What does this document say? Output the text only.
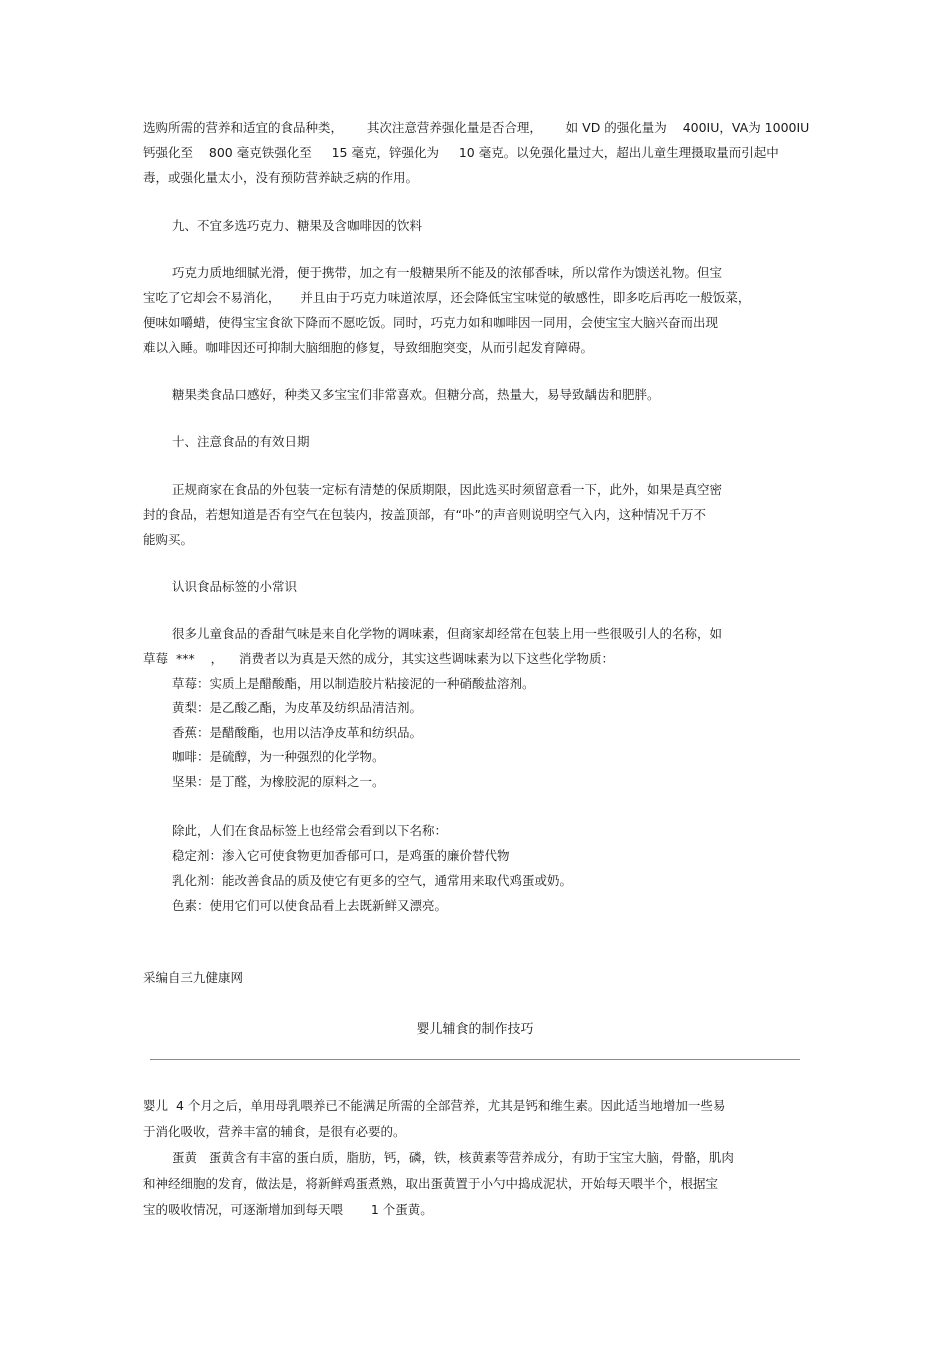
选购所需的营养和适宜的食品种类，      其次注意营养强化量是否合理，      如 VD 的强化量为    400IU，VA为 1000IU
钙强化至    800 毫克铁强化至     15 毫克，锌强化为     10 毫克。以免强化量过大，超出儿童生理摄取量而引起中
毒，或强化量太小，没有预防营养缺乏病的作用。
九、不宜多选巧克力、糖果及含咖啡因的饮料
巧克力质地细腻光滑，便于携带，加之有一般糖果所不能及的浓郁香味，所以常作为馈送礼物。但宝
宝吃了它却会不易消化，     并且由于巧克力味道浓厚，还会降低宝宝味觉的敏感性，即多吃后再吃一般饭菜，
便味如嚼蜡，使得宝宝食欲下降而不愿吃饭。同时，巧克力如和咖啡因一同用，会使宝宝大脑兴奋而出现
难以入睡。咖啡因还可抑制大脑细胞的修复，导致细胞突变，从而引起发育障碍。
糖果类食品口感好，种类又多宝宝们非常喜欢。但糖分高，热量大，易导致龋齿和肥胖。
十、注意食品的有效日期
正规商家在食品的外包装一定标有清楚的保质期限，因此选买时须留意看一下，此外，如果是真空密
封的食品，若想知道是否有空气在包装内，按盖顶部，有“卟”的声音则说明空气入内，这种情况千万不
能购买。
认识食品标签的小常识
很多儿童食品的香甜气味是来自化学物的调味素，但商家却经常在包装上用一些很吸引人的名称，如
草莓  ***    ，    消费者以为真是天然的成分，其实这些调味素为以下这些化学物质：
草莓：实质上是醋酸酯，用以制造胶片粘接泥的一种硝酸盐溶剂。
黄梨：是乙酸乙酯，为皮革及纺织品清洁剂。
香蕉：是醋酸酯，也用以洁净皮革和纺织品。
咖啡：是硫醇，为一种强烈的化学物。
坚果：是丁醛，为橡胶泥的原料之一。
除此，人们在食品标签上也经常会看到以下名称：
稳定剂：渗入它可使食物更加香郁可口，是鸡蛋的廉价替代物
乳化剂：能改善食品的质及使它有更多的空气，通常用来取代鸡蛋或奶。
色素：使用它们可以使食品看上去既新鲜又漂亮。
采编自三九健康网
婴儿辅食的制作技巧
婴儿  4 个月之后，单用母乳喂养已不能满足所需的全部营养，尤其是钙和维生素。因此适当地增加一些易
于消化吸收，营养丰富的辅食，是很有必要的。
蛋黄   蛋黄含有丰富的蛋白质，脂肪，钙，磷，铁，核黄素等营养成分，有助于宝宝大脑，骨骼，肌肉
和神经细胞的发育，做法是，将新鲜鸡蛋煮熟，取出蛋黄置于小勺中捣成泥状，开始每天喂半个，根据宝
宝的吸收情况，可逐渐增加到每天喂       1 个蛋黄。
